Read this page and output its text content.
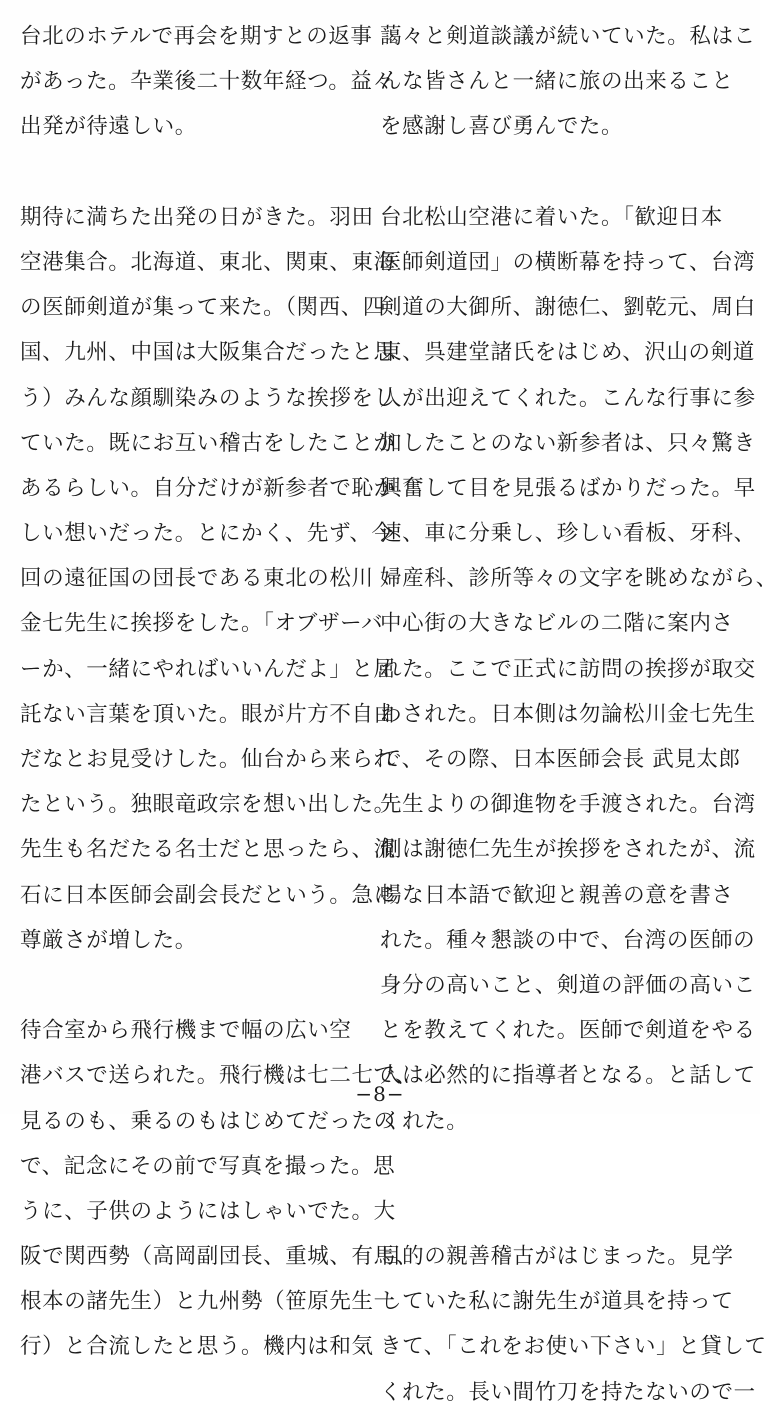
台北のホテルで再会を期すとの返事
があった。卆業後二十数年経つ。益々
出発が待遠しい。
期待に満ちた出発の日がきた。羽田
空港集合。北海道、東北、関東、東海
の医師剣道が集って来た。（関西、四
国、九州、中国は大阪集合だったと思
う）みんな顔馴染みのような挨拶をし
ていた。既にお互い稽古をしたことが
あるらしい。自分だけが新参者で恥か
しい想いだった。とにかく、先ず、今
回の遠征国の団長である東北の松川
金七先生に挨拶をした。「オブザーバ
ーか、一緒にやればいいんだよ」と屈
託ない言葉を頂いた。眼が片方不自由
だなとお見受けした。仙台から来られ
たという。独眼竜政宗を想い出した。
先生も名だたる名士だと思ったら、流
石に日本医師会副会長だという。急に
尊厳さが増した。
待合室から飛行機まで幅の広い空
港バスで送られた。飛行機は七二七で、
見るのも、乗るのもはじめてだったの
で、記念にその前で写真を撮った。思
うに、子供のようにはしゃいでた。大
阪で関西勢（高岡副団長、重城、有馬、
根本の諸先生）と九州勢（笹原先生一
行）と合流したと思う。機内は和気
藹々と剣道談議が続いていた。私はこ
んな皆さんと一緒に旅の出来ること
を感謝し喜び勇んでた。
台北松山空港に着いた。「歓迎日本
医師剣道団」の横断幕を持って、台湾
剣道の大御所、謝徳仁、劉乾元、周白
東、呉建堂諸氏をはじめ、沢山の剣道
人が出迎えてくれた。こんな行事に参
加したことのない新参者は、只々驚き
興奮して目を見張るばかりだった。早
速、車に分乗し、珍しい看板、牙科、
婦産科、診所等々の文字を眺めながら、
中心街の大きなビルの二階に案内さ
れた。ここで正式に訪問の挨拶が取交
わされた。日本側は勿論松川金七先生
で、その際、日本医師会長 武見太郎
先生よりの御進物を手渡された。台湾
側は謝徳仁先生が挨拶をされたが、流
暢な日本語で歓迎と親善の意を書さ
れた。種々懇談の中で、台湾の医師の
身分の高いこと、剣道の評価の高いこ
とを教えてくれた。医師で剣道をやる
人は必然的に指導者となる。と話して
くれた。
目的の親善稽古がはじまった。見学
していた私に謝先生が道具を持って
きて、「これをお使い下さい」と貸して
くれた。長い間竹刀を持たないので一
−8−
